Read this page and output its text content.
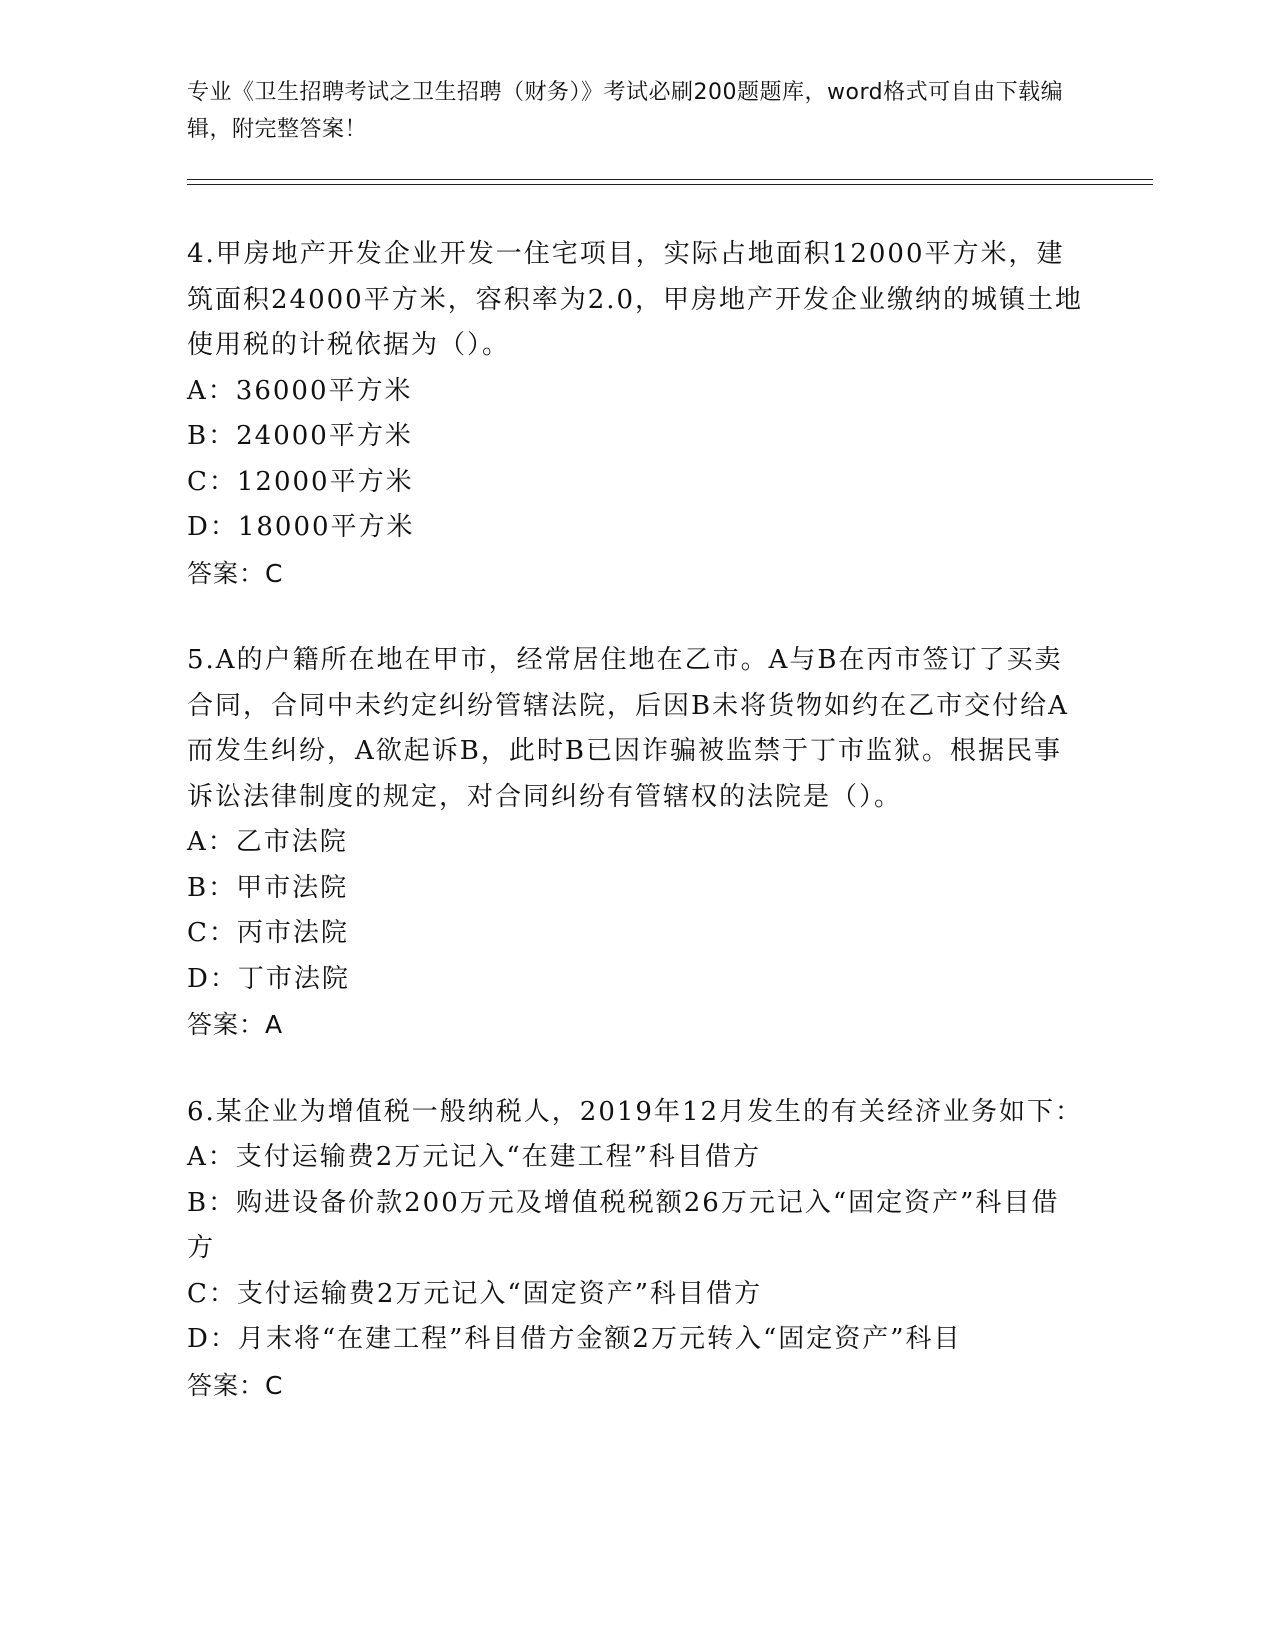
专业《卫生招聘考试之卫生招聘（财务）》考试必刷200题题库，word格式可自由下载编辑，附完整答案！
4.甲房地产开发企业开发一住宅项目，实际占地面积12000平方米，建筑面积24000平方米，容积率为2.0，甲房地产开发企业缴纳的城镇土地使用税的计税依据为（）。
A：36000平方米
B：24000平方米
C：12000平方米
D：18000平方米
答案：C
5.A的户籍所在地在甲市，经常居住地在乙市。A与B在丙市签订了买卖合同，合同中未约定纠纷管辖法院，后因B未将货物如约在乙市交付给A而发生纠纷，A欲起诉B，此时B已因诈骗被监禁于丁市监狱。根据民事诉讼法律制度的规定，对合同纠纷有管辖权的法院是（）。
A：乙市法院
B：甲市法院
C：丙市法院
D：丁市法院
答案：A
6.某企业为增值税一般纳税人，2019年12月发生的有关经济业务如下：
A：支付运输费2万元记入“在建工程”科目借方
B：购进设备价款200万元及增值税税额26万元记入“固定资产”科目借方
C：支付运输费2万元记入“固定资产”科目借方
D：月末将“在建工程”科目借方金额2万元转入“固定资产”科目
答案：C
